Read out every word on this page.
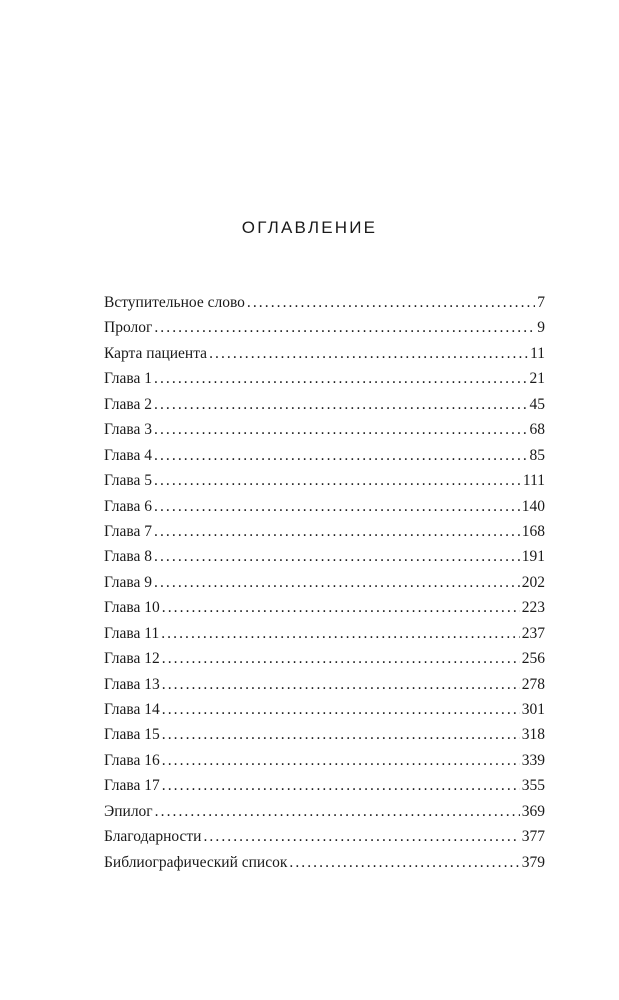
ОГЛАВЛЕНИЕ
Вступительное слово . . .	7
Пролог . . .	9
Карта пациента . . .	11
Глава 1 . . .	21
Глава 2 . . .	45
Глава 3 . . .	68
Глава 4 . . .	85
Глава 5 . . .	111
Глава 6 . . .	140
Глава 7 . . .	168
Глава 8 . . .	191
Глава 9 . . .	202
Глава 10 . . .	223
Глава 11 . . .	237
Глава 12 . . .	256
Глава 13 . . .	278
Глава 14 . . .	301
Глава 15 . . .	318
Глава 16 . . .	339
Глава 17 . . .	355
Эпилог . . .	369
Благодарности . . .	377
Библиографический список . . .	379
